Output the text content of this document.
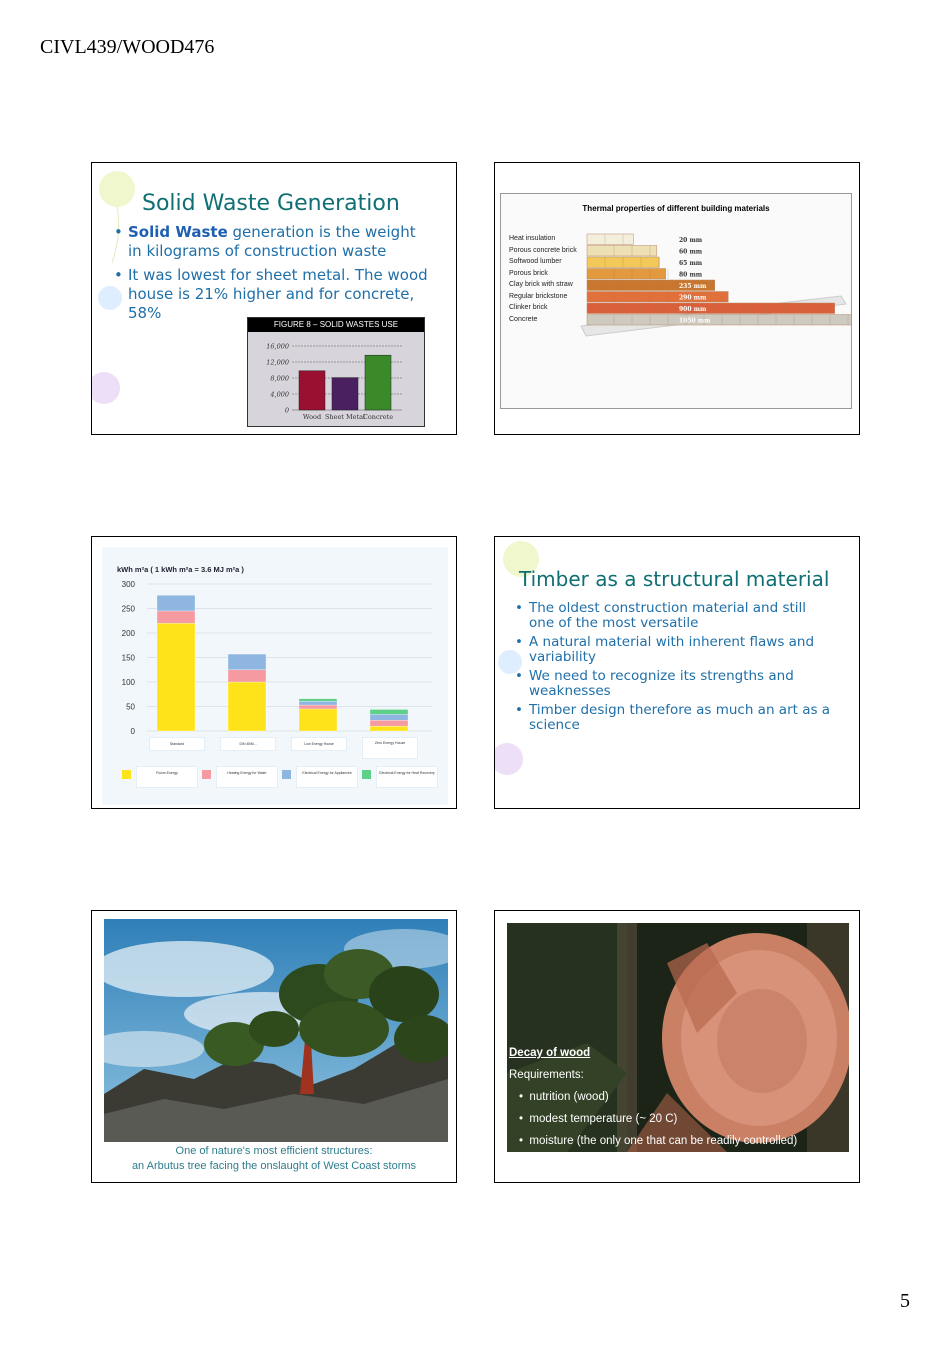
CIVL439/WOOD476
Solid Waste Generation
• Solid Waste generation is the weight in kilograms of construction waste
• It was lowest for sheet metal. The wood house is 21% higher and for concrete, 58%
FIGURE 8 – SOLID WASTES USE
16,000
12,000
8,000
4,000
0
Wood Sheet Metal
Concrete
Thermal properties of different building materials
Heat insulation
Porous concrete brick
Softwood lumber
Porous brick
Clay brick with straw
Regular brickstone
Clinker brick
Concrete
20 mm
60 mm
65 mm
80 mm
235 mm
290 mm
900 mm
1050 mm
kWh m²a ( 1 kWh m²a = 3.6 MJ m²a )
300
250
200
150
100
50
0
Standard	DIN 4BM...	Low Energy House	Zero Energy House
Room Energy	Heating Energy for Water	Electrical Energy for Appliances	Electrical Energy for Heat Recovery
Timber as a structural material
• The oldest construction material and still one of the most versatile
• A natural material with inherent flaws and variability
• We need to recognize its strengths and weaknesses
• Timber design therefore as much an art as a science
One of nature's most efficient structures:
an Arbutus tree facing the onslaught of West Coast storms
Decay of wood
Requirements:
•  nutrition (wood)
•  modest temperature (~ 20 C)
•  moisture (the only one that can be readily controlled)
5
